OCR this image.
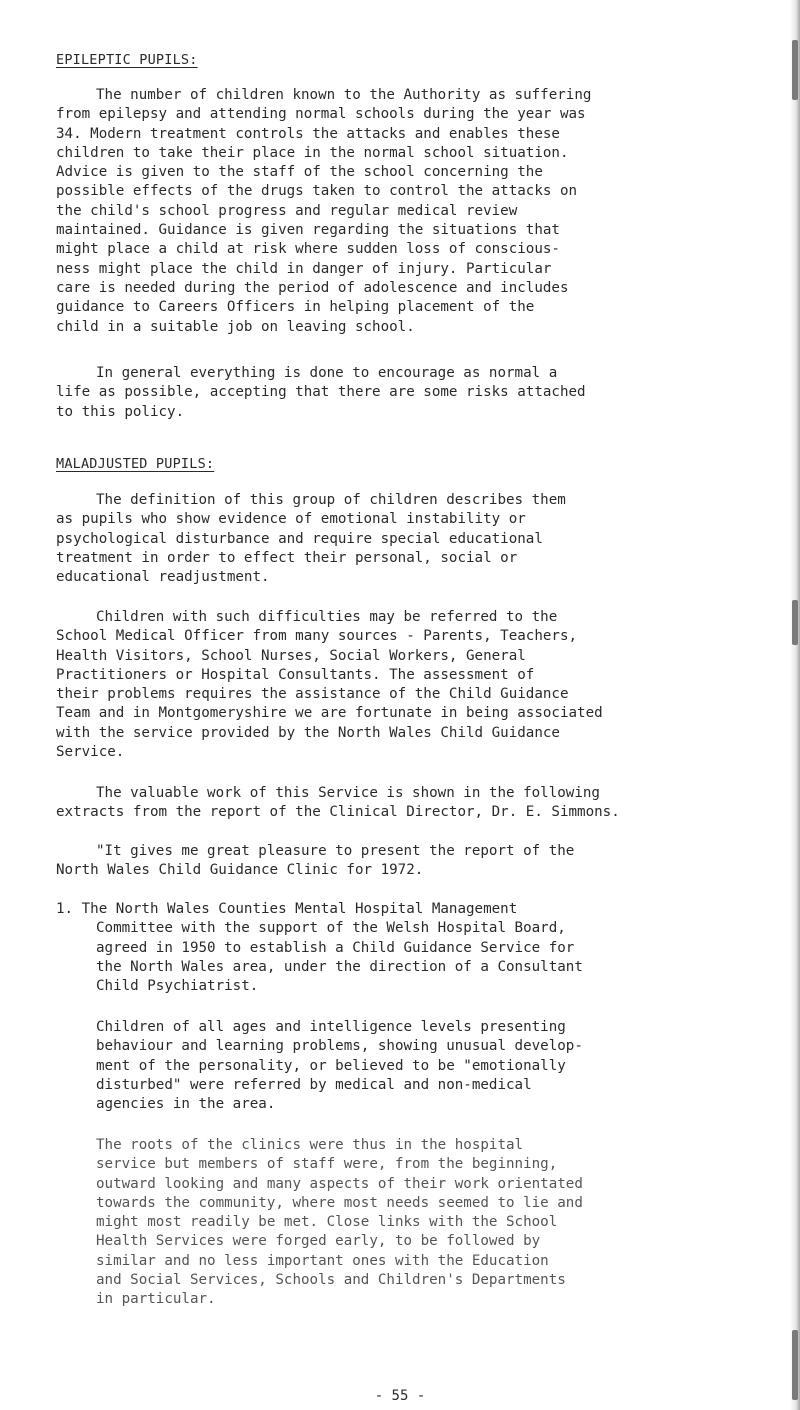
EPILEPTIC PUPILS:
The number of children known to the Authority as suffering
from epilepsy and attending normal schools during the year was
34. Modern treatment controls the attacks and enables these
children to take their place in the normal school situation.
Advice is given to the staff of the school concerning the
possible effects of the drugs taken to control the attacks on
the child's school progress and regular medical review
maintained. Guidance is given regarding the situations that
might place a child at risk where sudden loss of conscious-
ness might place the child in danger of injury. Particular
care is needed during the period of adolescence and includes
guidance to Careers Officers in helping placement of the
child in a suitable job on leaving school.
In general everything is done to encourage as normal a
life as possible, accepting that there are some risks attached
to this policy.
MALADJUSTED PUPILS:
The definition of this group of children describes them
as pupils who show evidence of emotional instability or
psychological disturbance and require special educational
treatment in order to effect their personal, social or
educational readjustment.
Children with such difficulties may be referred to the
School Medical Officer from many sources - Parents, Teachers,
Health Visitors, School Nurses, Social Workers, General
Practitioners or Hospital Consultants. The assessment of
their problems requires the assistance of the Child Guidance
Team and in Montgomeryshire we are fortunate in being associated
with the service provided by the North Wales Child Guidance
Service.
The valuable work of this Service is shown in the following
extracts from the report of the Clinical Director, Dr. E. Simmons.
"It gives me great pleasure to present the report of the
North Wales Child Guidance Clinic for 1972.
1. The North Wales Counties Mental Hospital Management
Committee with the support of the Welsh Hospital Board,
agreed in 1950 to establish a Child Guidance Service for
the North Wales area, under the direction of a Consultant
Child Psychiatrist.
Children of all ages and intelligence levels presenting
behaviour and learning problems, showing unusual develop-
ment of the personality, or believed to be "emotionally
disturbed" were referred by medical and non-medical
agencies in the area.
The roots of the clinics were thus in the hospital
service but members of staff were, from the beginning,
outward looking and many aspects of their work orientated
towards the community, where most needs seemed to lie and
might most readily be met. Close links with the School
Health Services were forged early, to be followed by
similar and no less important ones with the Education
and Social Services, Schools and Children's Departments
in particular.
- 55 -
